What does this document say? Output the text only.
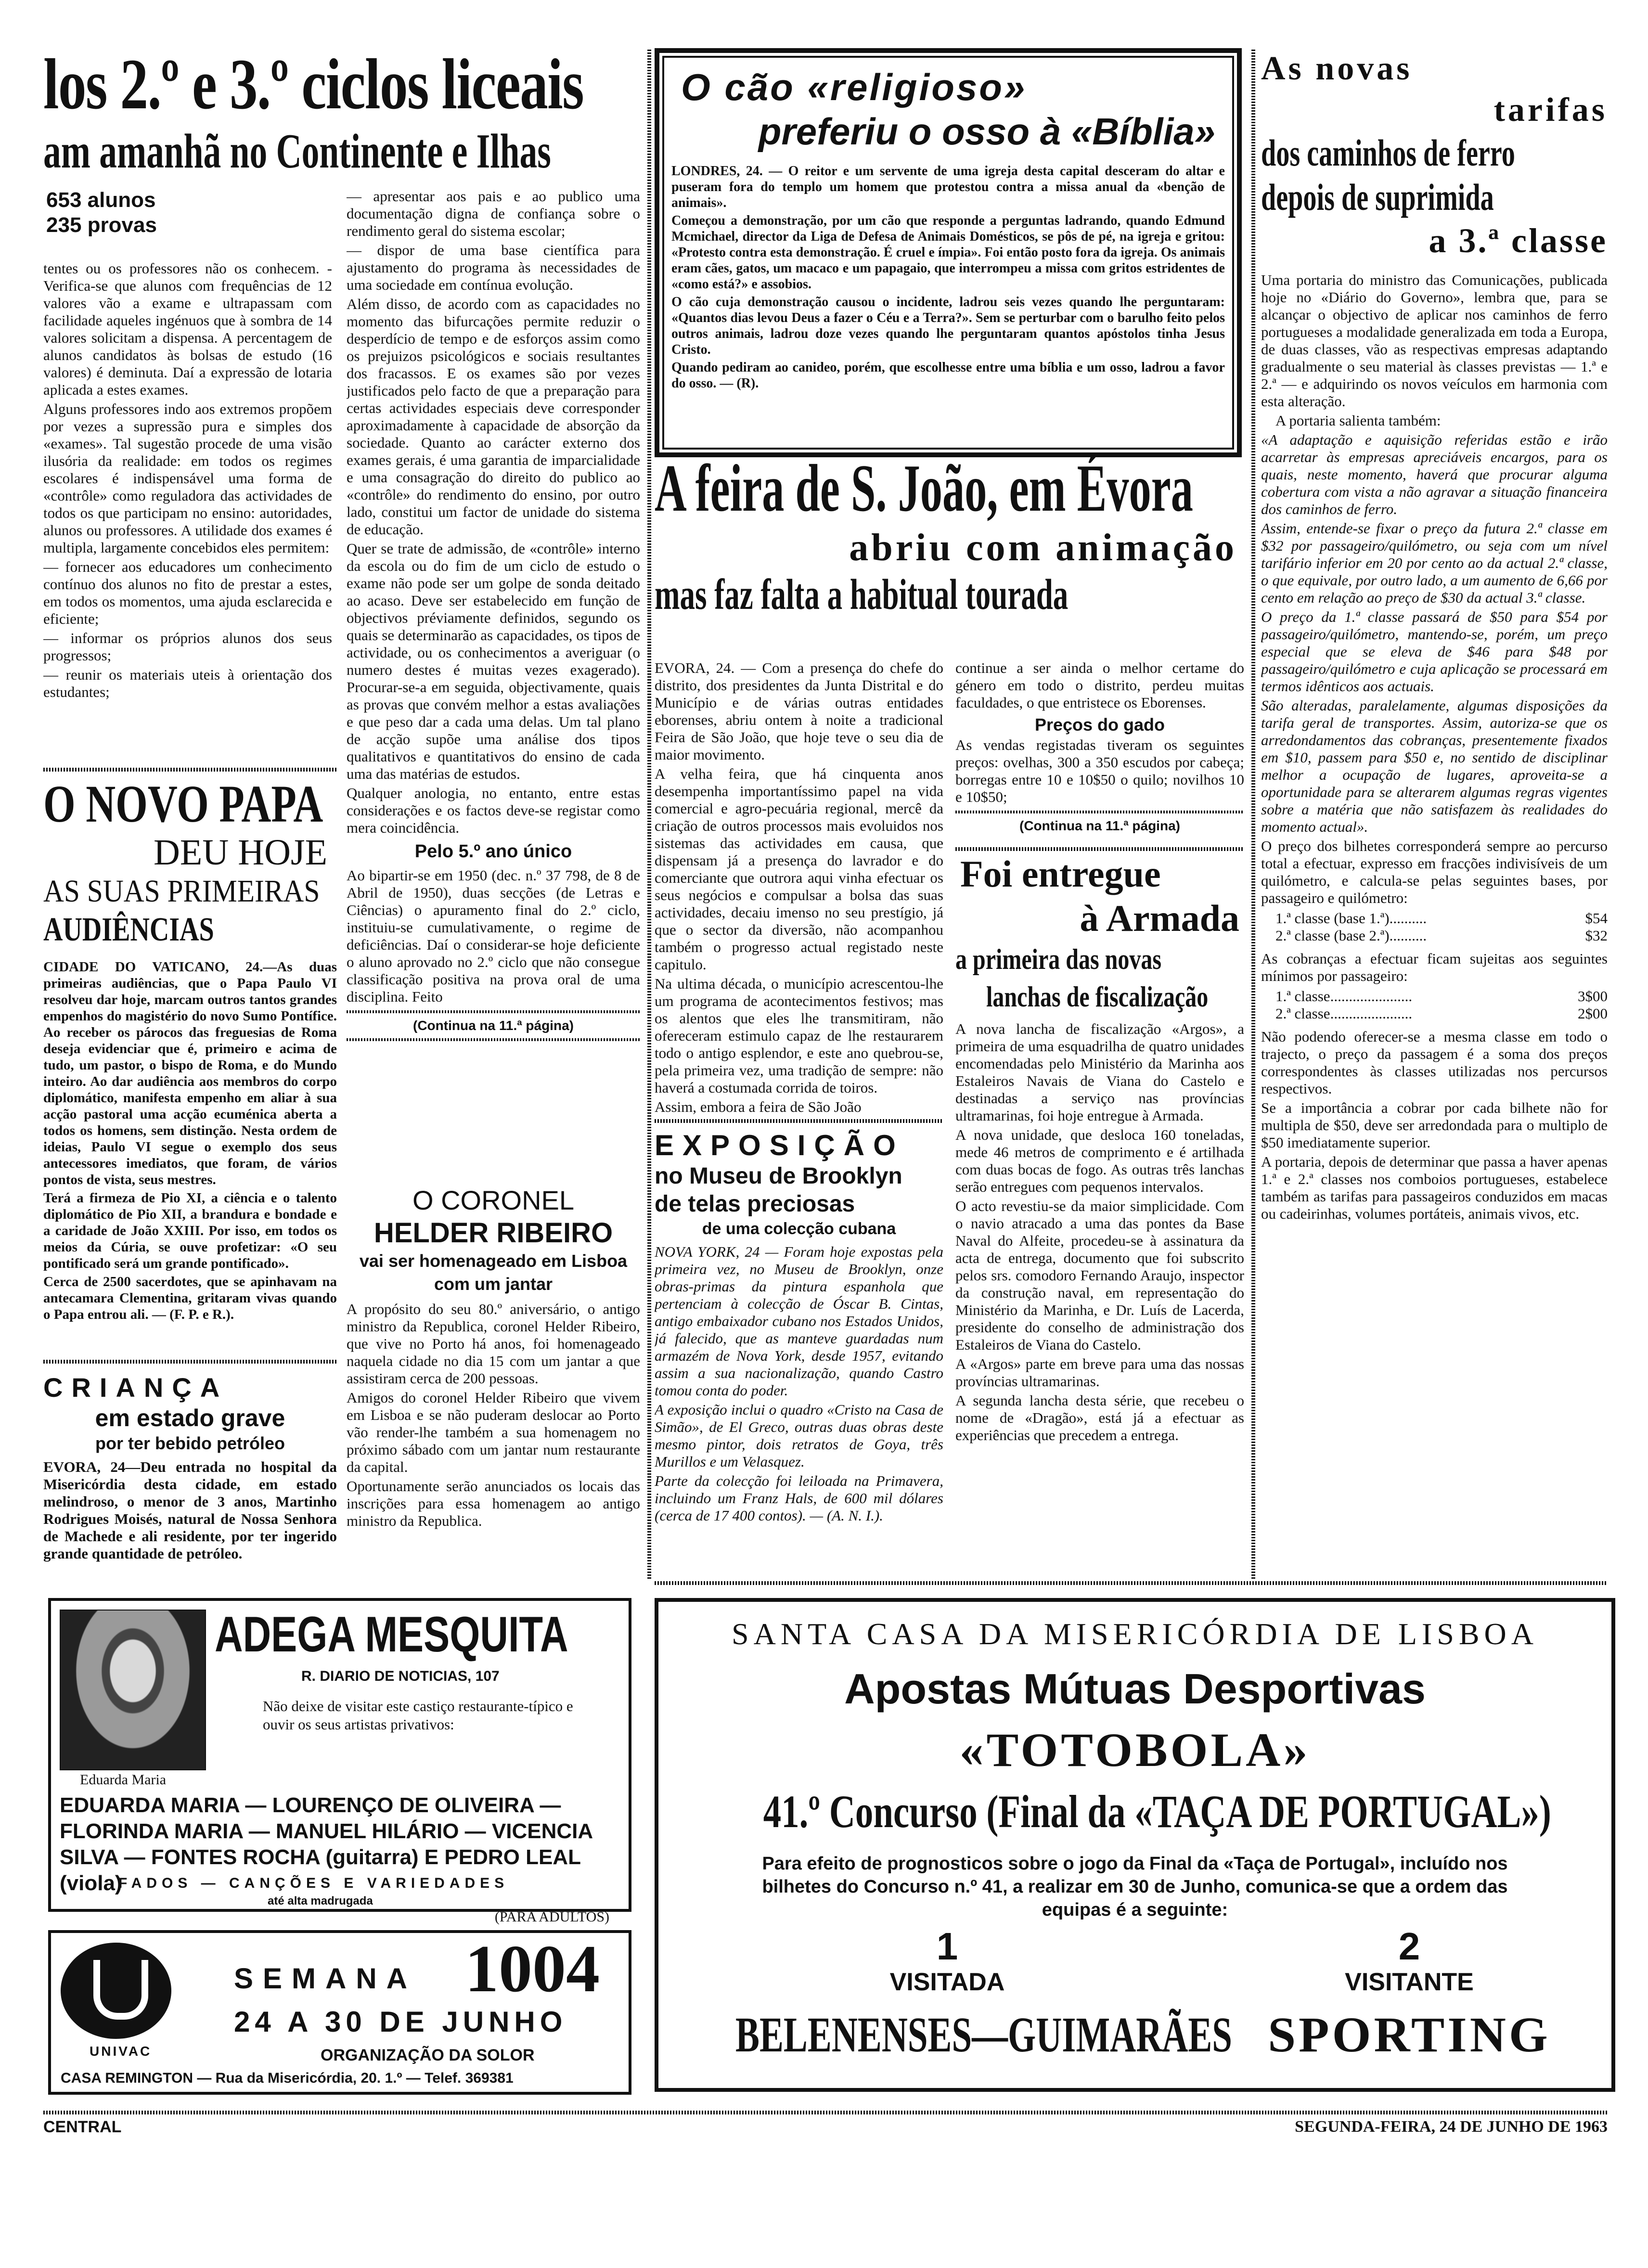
los 2.º e 3.º ciclos liceais
am amanhã no Continente e Ilhas
653 alunos
235 provas

tentes ou os professores não os conhecem. - Verifica-se que alunos com frequências de 12 valores vão a exame e ultrapassam com facilidade aqueles ingénuos que à sombra de 14 valores solicitam a dispensa. A percentagem de alunos candidatos às bolsas de estudo (16 valores) é deminuta. Daí a expressão de lotaria aplicada a estes exames.

Alguns professores indo aos extremos propõem por vezes a supressão pura e simples dos «exames». Tal sugestão procede de uma visão ilusória da realidade: em todos os regimes escolares é indispensável uma forma de «contrôle» como reguladora das actividades de todos os que participam no ensino: autoridades, alunos ou professores. A utilidade dos exames é multipla, largamente concebidos eles permitem:

— fornecer aos educadores um conhecimento contínuo dos alunos no fito de prestar a estes, em todos os momentos, uma ajuda esclarecida e eficiente;

— informar os próprios alunos dos seus progressos;

— reunir os materiais uteis à orientação dos estudantes;

— apresentar aos pais e ao publico uma documentação digna de confiança sobre o rendimento geral do sistema escolar;

— dispor de uma base científica para ajustamento do programa às necessidades de uma sociedade em contínua evolução.

Além disso, de acordo com as capacidades no momento das bifurcações permite reduzir o desperdício de tempo e de esforços assim como os prejuizos psicológicos e sociais resultantes dos fracassos. E os exames são por vezes justificados pelo facto de que a preparação para certas actividades especiais deve corresponder aproximadamente à capacidade de absorção da sociedade. Quanto ao carácter externo dos exames gerais, é uma garantia de imparcialidade e uma consagração do direito do publico ao «contrôle» do rendimento do ensino, por outro lado, constitui um factor de unidade do sistema de educação.

Quer se trate de admissão, de «contrôle» interno da escola ou do fim de um ciclo de estudo o exame não pode ser um golpe de sonda deitado ao acaso. Deve ser estabelecido em função de objectivos préviamente definidos, segundo os quais se determinarão as capacidades, os tipos de actividade, ou os conhecimentos a averiguar (o numero destes é muitas vezes exagerado). Procurar-se-a em seguida, objectivamente, quais as provas que convém melhor a estas avaliações e que peso dar a cada uma delas. Um tal plano de acção supõe uma análise dos tipos qualitativos e quantitativos do ensino de cada uma das matérias de estudos.

Qualquer anologia, no entanto, entre estas considerações e os factos deve-se registar como mera coincidência.

Pelo 5.º ano único

Ao bipartir-se em 1950 (dec. n.º 37 798, de 8 de Abril de 1950), duas secções (de Letras e Ciências) o apuramento final do 2.º ciclo, instituiu-se cumulativamente, o regime de deficiências. Daí o considerar-se hoje deficiente o aluno aprovado no 2.º ciclo que não consegue classificação positiva na prova oral de uma disciplina. Feito

(Continua na 11.ª página)
O NOVO PAPA
DEU HOJE
AS SUAS PRIMEIRAS
AUDIÊNCIAS

CIDADE DO VATICANO, 24.—As duas primeiras audiências, que o Papa Paulo VI resolveu dar hoje, marcam outros tantos grandes empenhos do magistério do novo Sumo Pontífice. Ao receber os párocos das freguesias de Roma deseja evidenciar que é, primeiro e acima de tudo, um pastor, o bispo de Roma, e do Mundo inteiro. Ao dar audiência aos membros do corpo diplomático, manifesta empenho em aliar à sua acção pastoral uma acção ecuménica aberta a todos os homens, sem distinção. Nesta ordem de ideias, Paulo VI segue o exemplo dos seus antecessores imediatos, que foram, de vários pontos de vista, seus mestres.

Terá a firmeza de Pio XI, a ciência e o talento diplomático de Pio XII, a brandura e bondade e a caridade de João XXIII. Por isso, em todos os meios da Cúria, se ouve profetizar: «O seu pontificado será um grande pontificado».

Cerca de 2500 sacerdotes, que se apinhavam na antecamara Clementina, gritaram vivas quando o Papa entrou ali. — (F. P. e R.).

CRIANÇA
em estado grave
por ter bebido petróleo

EVORA, 24—Deu entrada no hospital da Misericórdia desta cidade, em estado melindroso, o menor de 3 anos, Martinho Rodrigues Moisés, natural de Nossa Senhora de Machede e ali residente, por ter ingerido grande quantidade de petróleo.

O CORONEL
HELDER RIBEIRO
vai ser homenageado em Lisboa
com um jantar

A propósito do seu 80.º aniversário, o antigo ministro da Republica, coronel Helder Ribeiro, que vive no Porto há anos, foi homenageado naquela cidade no dia 15 com um jantar a que assistiram cerca de 200 pessoas.

Amigos do coronel Helder Ribeiro que vivem em Lisboa e se não puderam deslocar ao Porto vão render-lhe também a sua homenagem no próximo sábado com um jantar num restaurante da capital.

Oportunamente serão anunciados os locais das inscrições para essa homenagem ao antigo ministro da Republica.

O cão «religioso»
preferiu o osso à «Bíblia»

LONDRES, 24. — O reitor e um servente de uma igreja desta capital desceram do altar e puseram fora do templo um homem que protestou contra a missa anual da «benção de animais».

Começou a demonstração, por um cão que responde a perguntas ladrando, quando Edmund Mcmichael, director da Liga de Defesa de Animais Domésticos, se pôs de pé, na igreja e gritou: «Protesto contra esta demonstração. É cruel e ímpia». Foi então posto fora da igreja. Os animais eram cães, gatos, um macaco e um papagaio, que interrompeu a missa com gritos estridentes de «como está?» e assobios.

O cão cuja demonstração causou o incidente, ladrou seis vezes quando lhe perguntaram: «Quantos dias levou Deus a fazer o Céu e a Terra?». Sem se perturbar com o barulho feito pelos outros animais, ladrou doze vezes quando lhe perguntaram quantos apóstolos tinha Jesus Cristo.

Quando pediram ao canideo, porém, que escolhesse entre uma bíblia e um osso, ladrou a favor do osso. — (R).

A feira de S. João, em Évora
abriu com animação
mas faz falta a habitual tourada

EVORA, 24. — Com a presença do chefe do distrito, dos presidentes da Junta Distrital e do Município e de várias outras entidades eborenses, abriu ontem à noite a tradicional Feira de São João, que hoje teve o seu dia de maior movimento.

A velha feira, que há cinquenta anos desempenha importantíssimo papel na vida comercial e agro-pecuária regional, mercê da criação de outros processos mais evoluidos nos sistemas das actividades em causa, que dispensam já a presença do lavrador e do comerciante que outrora aqui vinha efectuar os seus negócios e compulsar a bolsa das suas actividades, decaiu imenso no seu prestígio, já que o sector da diversão, não acompanhou também o progresso actual registado neste capitulo.

Na ultima década, o município acrescentou-lhe um programa de acontecimentos festivos; mas os alentos que eles lhe transmitiram, não ofereceram estimulo capaz de lhe restaurarem todo o antigo esplendor, e este ano quebrou-se, pela primeira vez, uma tradição de sempre: não haverá a costumada corrida de toiros.

Assim, embora a feira de São João

continue a ser ainda o melhor certame do género em todo o distrito, perdeu muitas faculdades, o que entristece os Eborenses.

Preços do gado

As vendas registadas tiveram os seguintes preços: ovelhas, 300 a 350 escudos por cabeça; borregas entre 10 e 10$50 o quilo; novilhos 10 e 10$50;

(Continua na 11.ª página)
EXPOSIÇÃO
no Museu de Brooklyn
de telas preciosas
de uma colecção cubana

NOVA YORK, 24 — Foram hoje expostas pela primeira vez, no Museu de Brooklyn, onze obras-primas da pintura espanhola que pertenciam à colecção de Óscar B. Cintas, antigo embaixador cubano nos Estados Unidos, já falecido, que as manteve guardadas num armazém de Nova York, desde 1957, evitando assim a sua nacionalização, quando Castro tomou conta do poder.

A exposição inclui o quadro «Cristo na Casa de Simão», de El Greco, outras duas obras deste mesmo pintor, dois retratos de Goya, três Murillos e um Velasquez.

Parte da colecção foi leiloada na Primavera, incluindo um Franz Hals, de 600 mil dólares (cerca de 17 400 contos). — (A. N. I.).

Foi entregue
à Armada
a primeira das novas
lanchas de fiscalização

A nova lancha de fiscalização «Argos», a primeira de uma esquadrilha de quatro unidades encomendadas pelo Ministério da Marinha aos Estaleiros Navais de Viana do Castelo e destinadas a serviço nas províncias ultramarinas, foi hoje entregue à Armada.

A nova unidade, que desloca 160 toneladas, mede 46 metros de comprimento e é artilhada com duas bocas de fogo. As outras três lanchas serão entregues com pequenos intervalos.

O acto revestiu-se da maior simplicidade. Com o navio atracado a uma das pontes da Base Naval do Alfeite, procedeu-se à assinatura da acta de entrega, documento que foi subscrito pelos srs. comodoro Fernando Araujo, inspector da construção naval, em representação do Ministério da Marinha, e Dr. Luís de Lacerda, presidente do conselho de administração dos Estaleiros de Viana do Castelo.

A «Argos» parte em breve para uma das nossas províncias ultramarinas.

A segunda lancha desta série, que recebeu o nome de «Dragão», está já a efectuar as experiências que precedem a entrega.

As novas
tarifas
dos caminhos de ferro
depois de suprimida
a 3.ª classe

Uma portaria do ministro das Comunicações, publicada hoje no «Diário do Governo», lembra que, para se alcançar o objectivo de aplicar nos caminhos de ferro portugueses a modalidade generalizada em toda a Europa, de duas classes, vão as respectivas empresas adaptando gradualmente o seu material às classes previstas — 1.ª e 2.ª — e adquirindo os novos veículos em harmonia com esta alteração.

A portaria salienta também:

«A adaptação e aquisição referidas estão e irão acarretar às empresas apreciáveis encargos, para os quais, neste momento, haverá que procurar alguma cobertura com vista a não agravar a situação financeira dos caminhos de ferro.

Assim, entende-se fixar o preço da futura 2.ª classe em $32 por passageiro/quilómetro, ou seja com um nível tarifário inferior em 20 por cento ao da actual 2.ª classe, o que equivale, por outro lado, a um aumento de 6,66 por cento em relação ao preço de $30 da actual 3.ª classe.

O preço da 1.ª classe passará de $50 para $54 por passageiro/quilómetro, mantendo-se, porém, um preço especial que se eleva de $46 para $48 por passageiro/quilómetro e cuja aplicação se processará em termos idênticos aos actuais.

São alteradas, paralelamente, algumas disposições da tarifa geral de transportes. Assim, autoriza-se que os arredondamentos das cobranças, presentemente fixados em $10, passem para $50 e, no sentido de disciplinar melhor a ocupação de lugares, aproveita-se a oportunidade para se alterarem algumas regras vigentes sobre a matéria que não satisfazem às realidades do momento actual».

O preço dos bilhetes corresponderá sempre ao percurso total a efectuar, expresso em fracções indivisíveis de um quilómetro, e calcula-se pelas seguintes bases, por passageiro e quilómetro:

1.ª classe (base 1.ª)..........	$54
2.ª classe (base 2.ª)..........	$32

As cobranças a efectuar ficam sujeitas aos seguintes mínimos por passageiro:

1.ª classe......................	3$00
2.ª classe......................	2$00

Não podendo oferecer-se a mesma classe em todo o trajecto, o preço da passagem é a soma dos preços correspondentes às classes utilizadas nos percursos respectivos.

Se a importância a cobrar por cada bilhete não for multipla de $50, deve ser arredondada para o multiplo de $50 imediatamente superior.

A portaria, depois de determinar que passa a haver apenas 1.ª e 2.ª classes nos comboios portugueses, estabelece também as tarifas para passageiros conduzidos em macas ou cadeirinhas, volumes portáteis, animais vivos, etc.

Eduarda Maria
ADEGA MESQUITA
R. DIARIO DE NOTICIAS, 107
Não deixe de visitar este castiço restaurante-típico e ouvir os seus artistas privativos:
EDUARDA MARIA — LOURENÇO DE OLIVEIRA — FLORINDA MARIA — MANUEL HILÁRIO — VICENCIA SILVA — FONTES ROCHA (guitarra) E PEDRO LEAL (viola)
FADOS — CANÇÕES E VARIEDADES
até alta madrugada
(PARA ADULTOS)
UNIVAC
SEMANA 1004
24 A 30 DE JUNHO
ORGANIZAÇÃO DA SOLOR
CASA REMINGTON — Rua da Misericórdia, 20. 1.º — Telef. 369381
SANTA CASA DA MISERICÓRDIA DE LISBOA
Apostas Mútuas Desportivas
«TOTOBOLA»
41.º Concurso (Final da «TAÇA DE PORTUGAL»)
Para efeito de prognosticos sobre o jogo da Final da «Taça de Portugal», incluído nos bilhetes do Concurso n.º 41, a realizar em 30 de Junho, comunica-se que a ordem das equipas é a seguinte:
1
VISITADA
BELENENSES—GUIMARÃES
2
VISITANTE
SPORTING
CENTRAL	SEGUNDA-FEIRA, 24 DE JUNHO DE 1963
